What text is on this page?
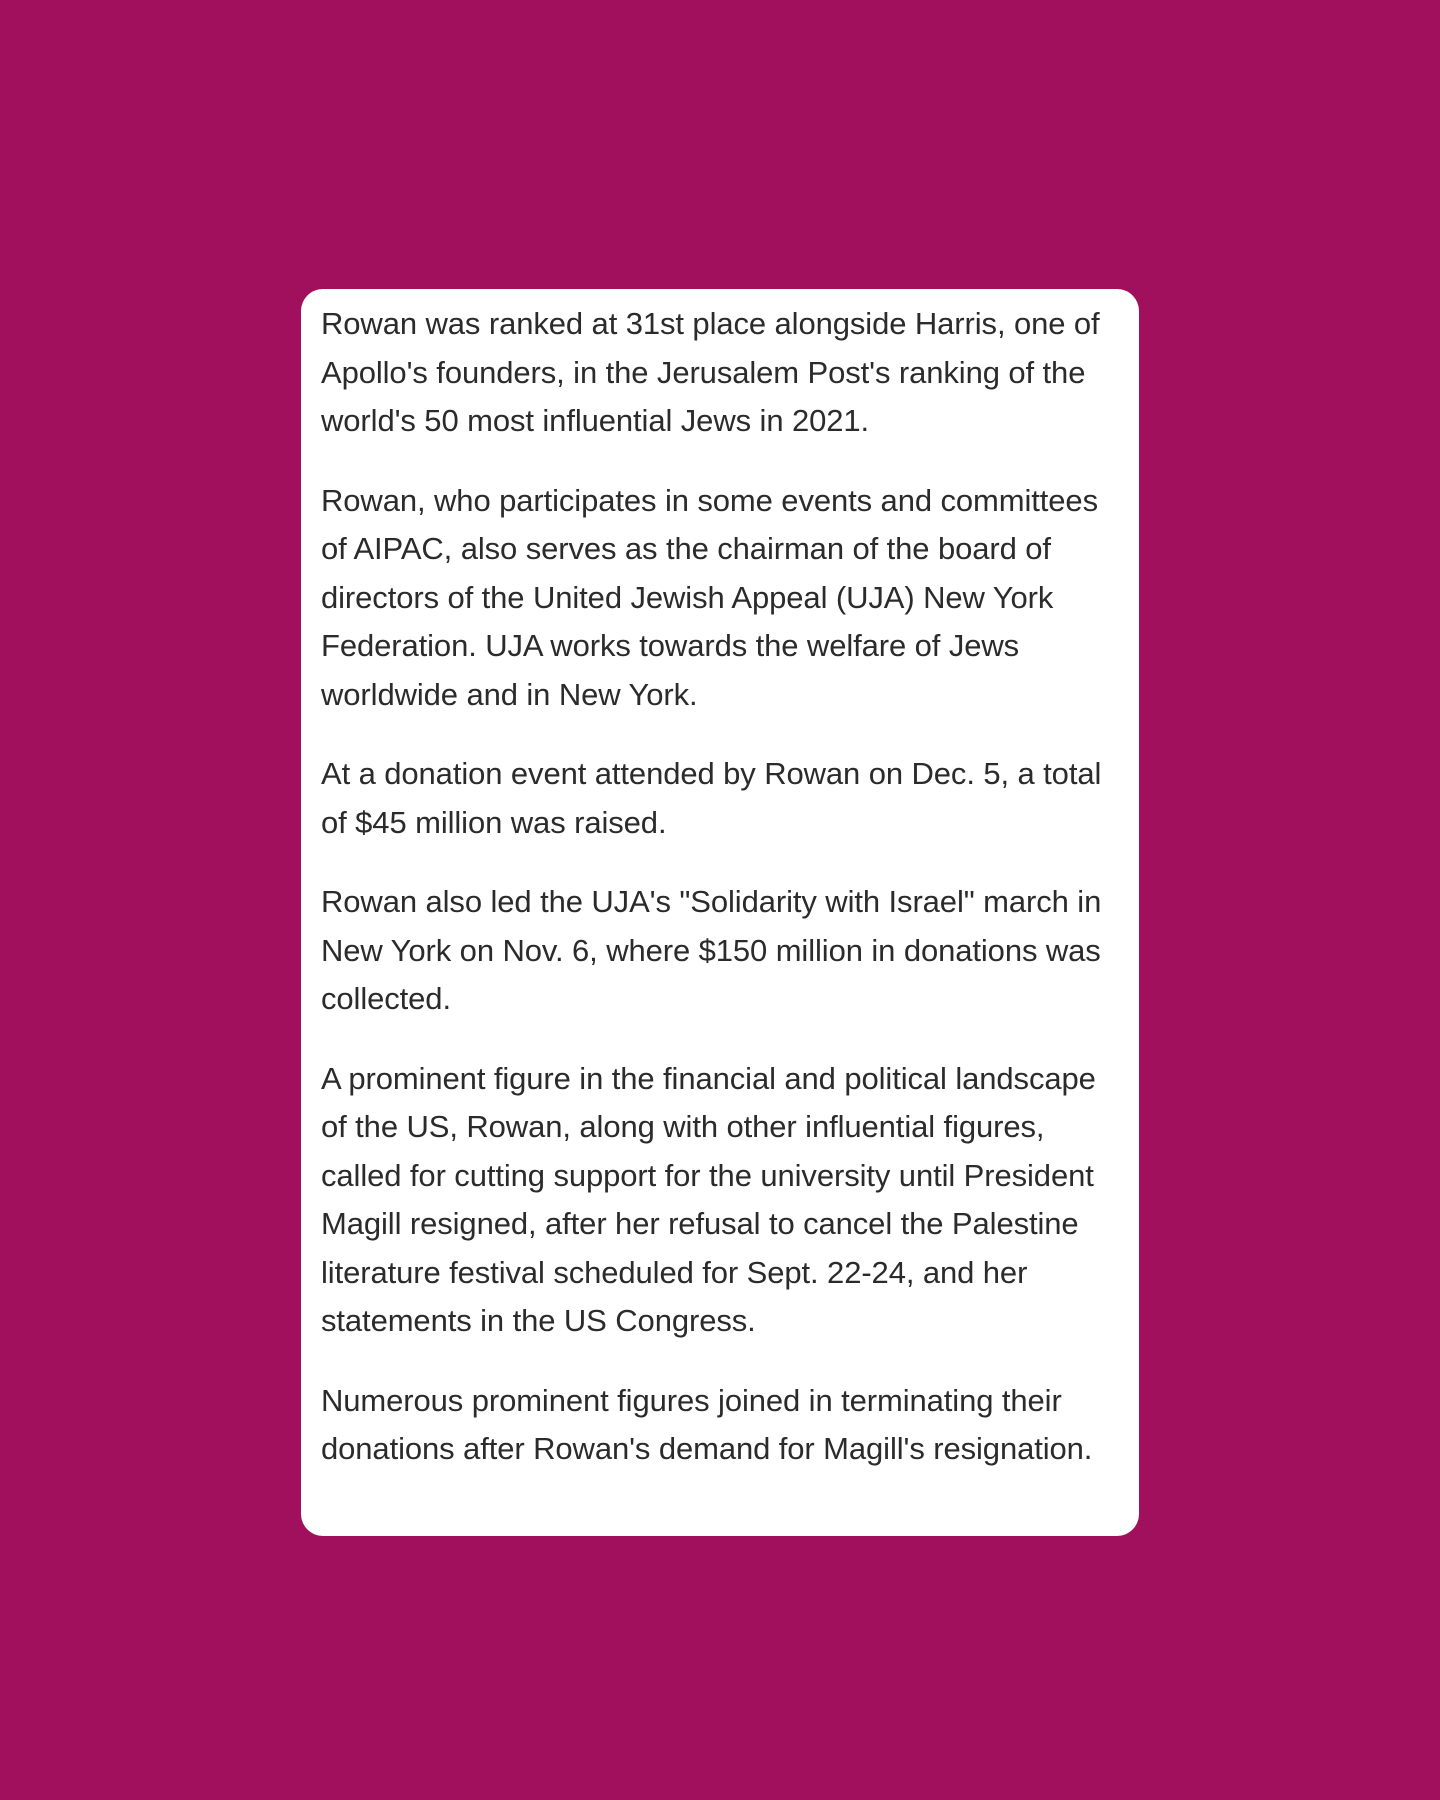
Rowan was ranked at 31st place alongside Harris, one of Apollo's founders, in the Jerusalem Post's ranking of the world's 50 most influential Jews in 2021.

Rowan, who participates in some events and committees of AIPAC, also serves as the chairman of the board of directors of the United Jewish Appeal (UJA) New York Federation. UJA works towards the welfare of Jews worldwide and in New York.

At a donation event attended by Rowan on Dec. 5, a total of $45 million was raised.

Rowan also led the UJA's "Solidarity with Israel" march in New York on Nov. 6, where $150 million in donations was collected.

A prominent figure in the financial and political landscape of the US, Rowan, along with other influential figures, called for cutting support for the university until President Magill resigned, after her refusal to cancel the Palestine literature festival scheduled for Sept. 22-24, and her statements in the US Congress.

Numerous prominent figures joined in terminating their donations after Rowan's demand for Magill's resignation.
